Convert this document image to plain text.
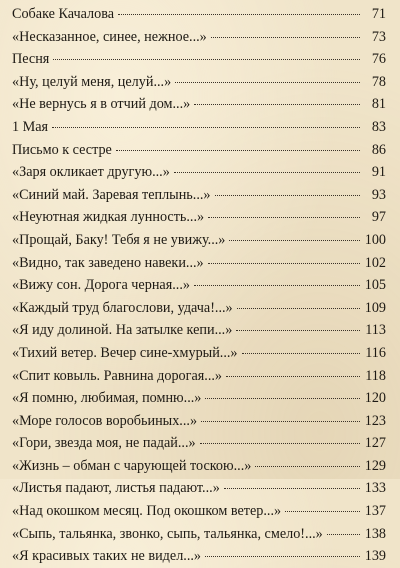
Собаке Качалова	71
«Несказанное, синее, нежное...»	73
Песня	76
«Ну, целуй меня, целуй...»	78
«Не вернусь я в отчий дом...»	81
1 Мая	83
Письмо к сестре	86
«Заря окликает другую...»	91
«Синий май. Заревая теплынь...»	93
«Неуютная жидкая лунность...»	97
«Прощай, Баку! Тебя я не увижу...»	100
«Видно, так заведено навеки...»	102
«Вижу сон. Дорога черная...»	105
«Каждый труд благослови, удача!...»	109
«Я иду долиной. На затылке кепи...»	113
«Тихий ветер. Вечер сине-хмурый...»	116
«Спит ковыль. Равнина дорогая...»	118
«Я помню, любимая, помню...»	120
«Море голосов воробьиных...»	123
«Гори, звезда моя, не падай...»	127
«Жизнь – обман с чарующей тоскою...»	129
«Листья падают, листья падают...»	133
«Над окошком месяц. Под окошком ветер...»	137
«Сыпь, тальянка, звонко, сыпь, тальянка, смело!...»	138
«Я красивых таких не видел...»	139
